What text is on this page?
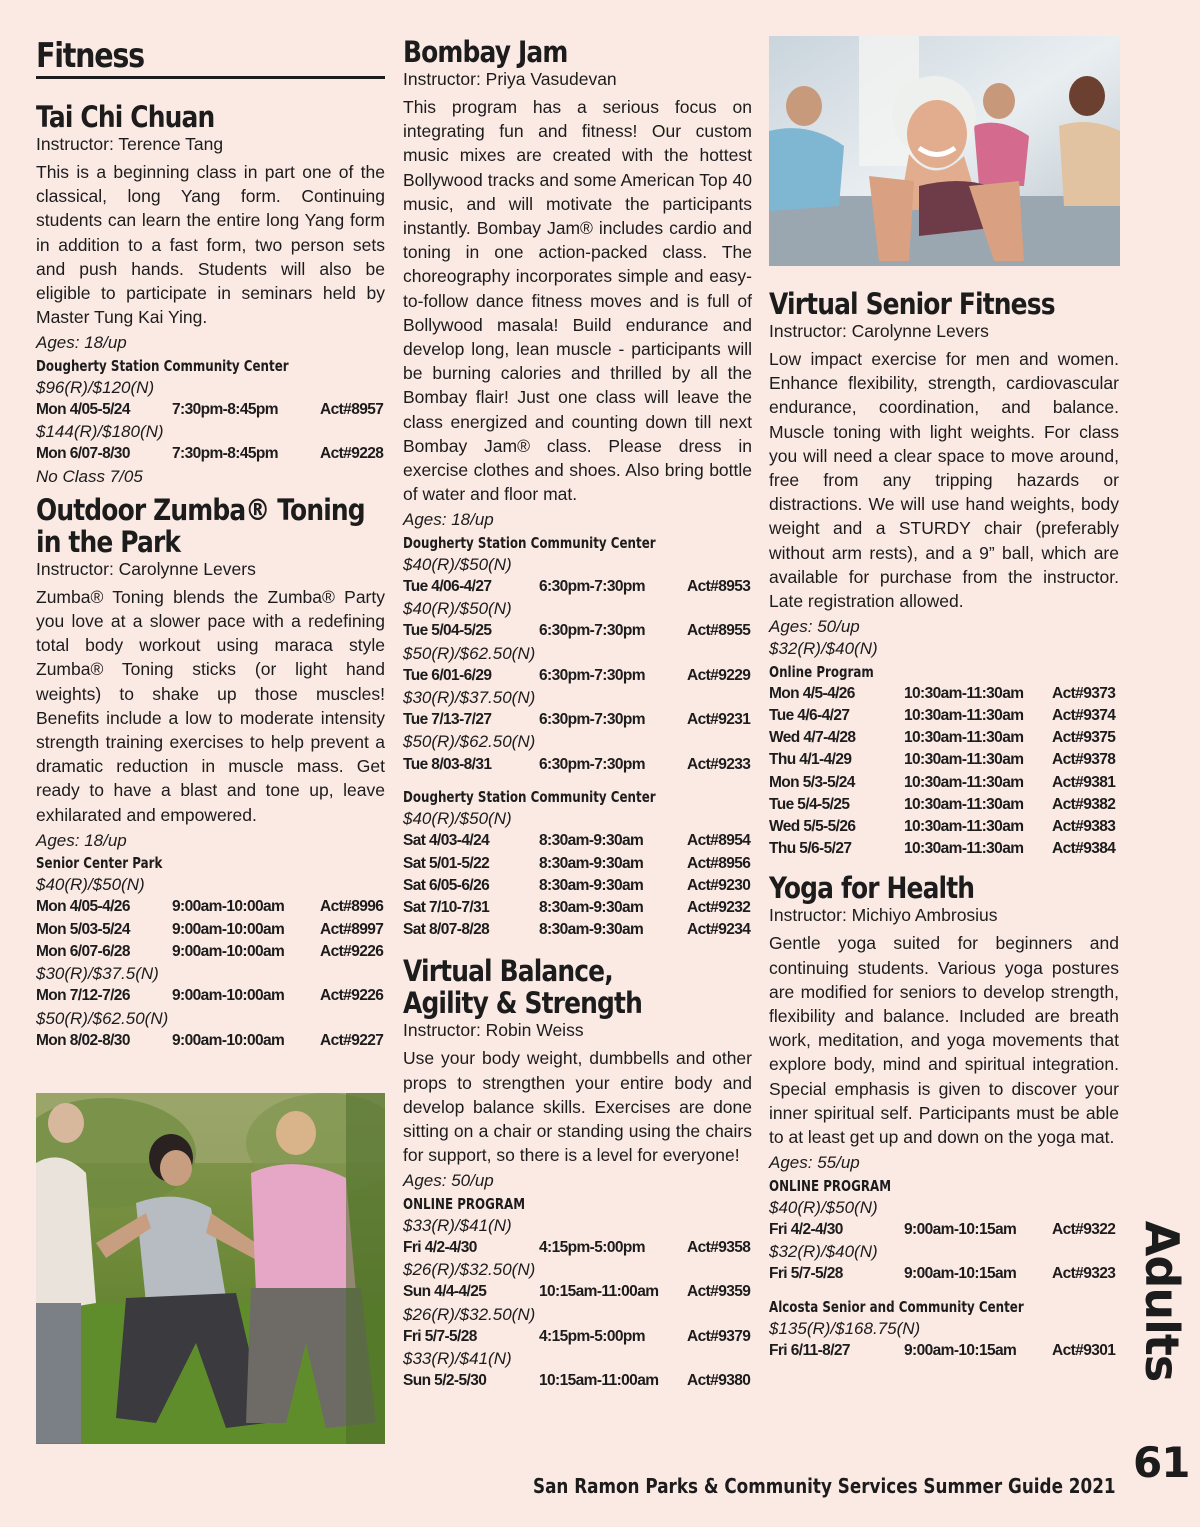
Fitness
Tai Chi Chuan
Instructor: Terence Tang
This is a beginning class in part one of the classical, long Yang form. Continuing students can learn the entire long Yang form in addition to a fast form, two person sets and push hands. Students will also be eligible to participate in seminars held by Master Tung Kai Ying.
Ages: 18/up
Dougherty Station Community Center
$96(R)/$120(N)
Mon 4/05-5/24	7:30pm-8:45pm	Act#8957
$144(R)/$180(N)
Mon 6/07-8/30	7:30pm-8:45pm	Act#9228
No Class 7/05
Outdoor Zumba® Toning
in the Park
Instructor: Carolynne Levers
Zumba® Toning blends the Zumba® Party you love at a slower pace with a redefining total body workout using maraca style Zumba® Toning sticks (or light hand weights) to shake up those muscles! Benefits include a low to moderate intensity strength training exercises to help prevent a dramatic reduction in muscle mass. Get ready to have a blast and tone up, leave exhilarated and empowered.
Ages: 18/up
Senior Center Park
$40(R)/$50(N)
Mon 4/05-4/26	9:00am-10:00am	Act#8996
Mon 5/03-5/24	9:00am-10:00am	Act#8997
Mon 6/07-6/28	9:00am-10:00am	Act#9226
$30(R)/$37.5(N)
Mon 7/12-7/26	9:00am-10:00am	Act#9226
$50(R)/$62.50(N)
Mon 8/02-8/30	9:00am-10:00am	Act#9227
Bombay Jam
Instructor: Priya Vasudevan
This program has a serious focus on integrating fun and fitness! Our custom music mixes are created with the hottest Bollywood tracks and some American Top 40 music, and will motivate the participants instantly. Bombay Jam® includes cardio and toning in one action-packed class. The choreography incorporates simple and easy-to-follow dance fitness moves and is full of Bollywood masala! Build endurance and develop long, lean muscle - participants will be burning calories and thrilled by all the Bombay flair! Just one class will leave the class energized and counting down till next Bombay Jam® class. Please dress in exercise clothes and shoes. Also bring bottle of water and floor mat.
Ages: 18/up
Dougherty Station Community Center
$40(R)/$50(N)
Tue 4/06-4/27	6:30pm-7:30pm	Act#8953
$40(R)/$50(N)
Tue 5/04-5/25	6:30pm-7:30pm	Act#8955
$50(R)/$62.50(N)
Tue 6/01-6/29	6:30pm-7:30pm	Act#9229
$30(R)/$37.50(N)
Tue 7/13-7/27	6:30pm-7:30pm	Act#9231
$50(R)/$62.50(N)
Tue 8/03-8/31	6:30pm-7:30pm	Act#9233
Dougherty Station Community Center
$40(R)/$50(N)
Sat 4/03-4/24	8:30am-9:30am	Act#8954
Sat 5/01-5/22	8:30am-9:30am	Act#8956
Sat 6/05-6/26	8:30am-9:30am	Act#9230
Sat 7/10-7/31	8:30am-9:30am	Act#9232
Sat 8/07-8/28	8:30am-9:30am	Act#9234
Virtual Balance,
Agility & Strength
Instructor: Robin Weiss
Use your body weight, dumbbells and other props to strengthen your entire body and develop balance skills. Exercises are done sitting on a chair or standing using the chairs for support, so there is a level for everyone!
Ages: 50/up
ONLINE PROGRAM
$33(R)/$41(N)
Fri 4/2-4/30	4:15pm-5:00pm	Act#9358
$26(R)/$32.50(N)
Sun 4/4-4/25	10:15am-11:00am	Act#9359
$26(R)/$32.50(N)
Fri 5/7-5/28	4:15pm-5:00pm	Act#9379
$33(R)/$41(N)
Sun 5/2-5/30	10:15am-11:00am	Act#9380
Virtual Senior Fitness
Instructor: Carolynne Levers
Low impact exercise for men and women. Enhance flexibility, strength, cardiovascular endurance, coordination, and balance. Muscle toning with light weights. For class you will need a clear space to move around, free from any tripping hazards or distractions. We will use hand weights, body weight and a STURDY chair (preferably without arm rests), and a 9” ball, which are available for purchase from the instructor. Late registration allowed.
Ages: 50/up
$32(R)/$40(N)
Online Program
Mon 4/5-4/26	10:30am-11:30am	Act#9373
Tue 4/6-4/27	10:30am-11:30am	Act#9374
Wed 4/7-4/28	10:30am-11:30am	Act#9375
Thu 4/1-4/29	10:30am-11:30am	Act#9378
Mon 5/3-5/24	10:30am-11:30am	Act#9381
Tue 5/4-5/25	10:30am-11:30am	Act#9382
Wed 5/5-5/26	10:30am-11:30am	Act#9383
Thu 5/6-5/27	10:30am-11:30am	Act#9384
Yoga for Health
Instructor: Michiyo Ambrosius
Gentle yoga suited for beginners and continuing students. Various yoga postures are modified for seniors to develop strength, flexibility and balance. Included are breath work, meditation, and yoga movements that explore body, mind and spiritual integration. Special emphasis is given to discover your inner spiritual self. Participants must be able to at least get up and down on the yoga mat.
Ages: 55/up
ONLINE PROGRAM
$40(R)/$50(N)
Fri 4/2-4/30	9:00am-10:15am	Act#9322
$32(R)/$40(N)
Fri 5/7-5/28	9:00am-10:15am	Act#9323
Alcosta Senior and Community Center
$135(R)/$168.75(N)
Fri 6/11-8/27	9:00am-10:15am	Act#9301 Adults
61
San Ramon Parks & Community Services Summer Guide 2021
